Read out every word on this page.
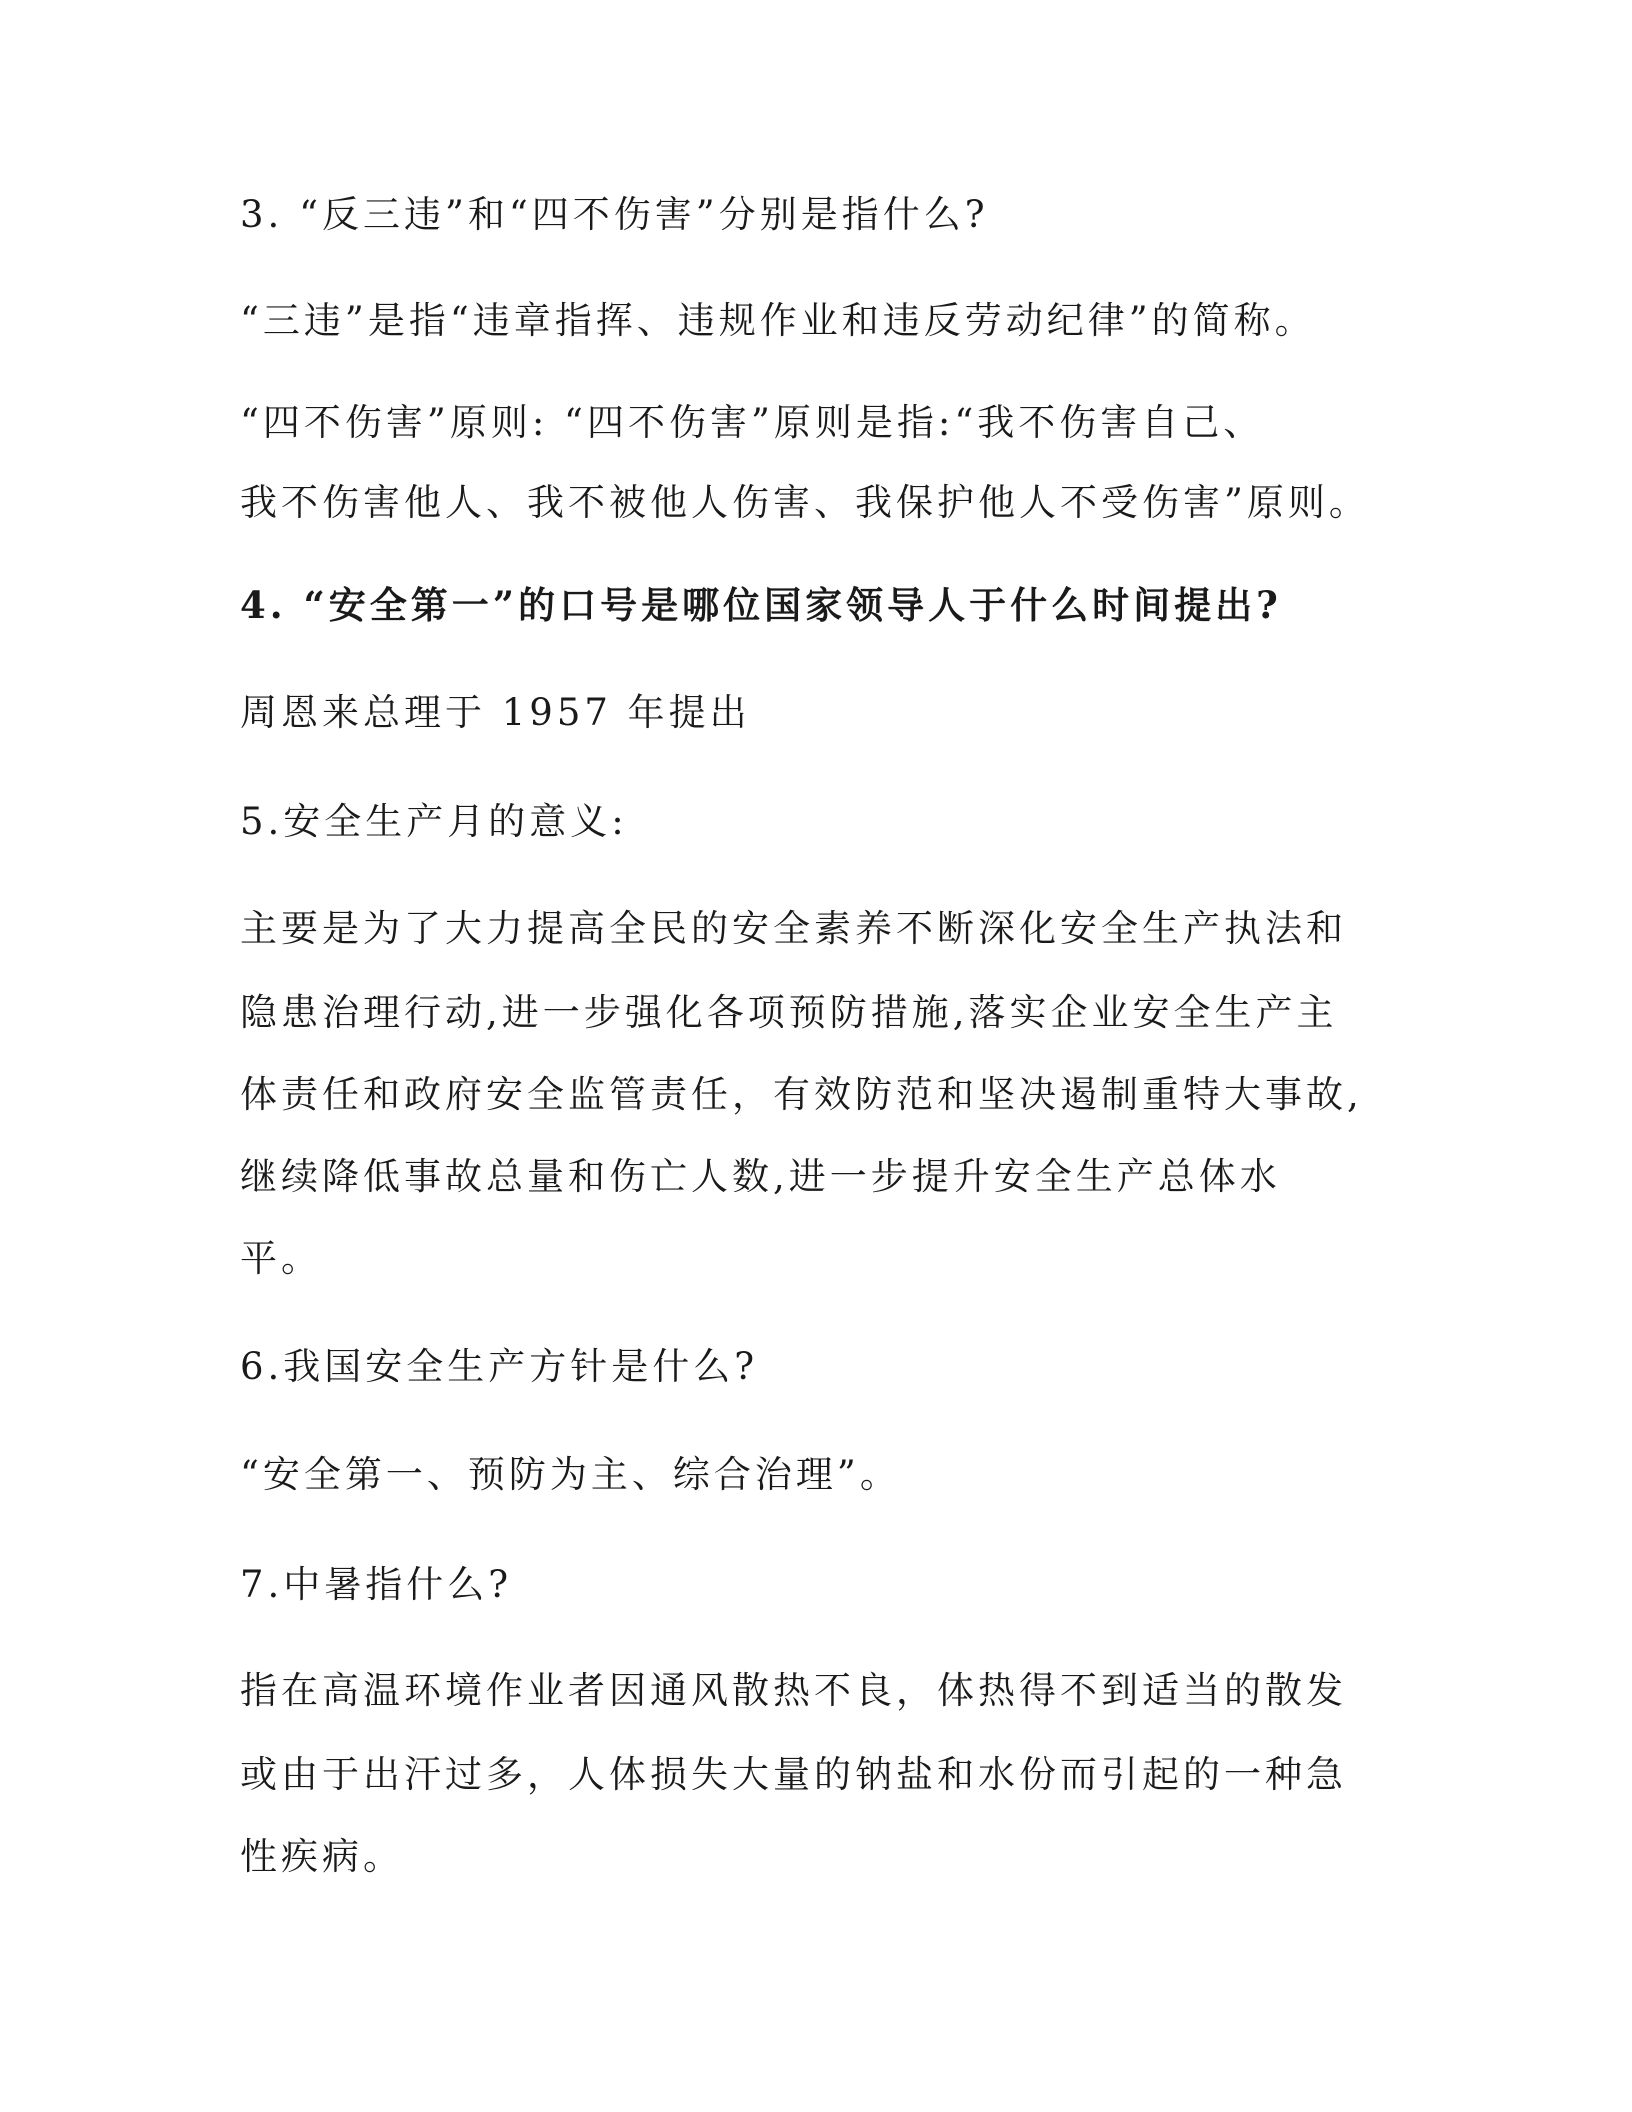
3. “反三违”和“四不伤害”分别是指什么?
“三违”是指“违章指挥、违规作业和违反劳动纪律”的简称。
“四不伤害”原则: “四不伤害”原则是指:“我不伤害自己、
我不伤害他人、我不被他人伤害、我保护他人不受伤害”原则。
4. “安全第一”的口号是哪位国家领导人于什么时间提出?
周恩来总理于 1957 年提出
5.安全生产月的意义:
主要是为了大力提高全民的安全素养不断深化安全生产执法和
隐患治理行动,进一步强化各项预防措施,落实企业安全生产主
体责任和政府安全监管责任，有效防范和坚决遏制重特大事故,
继续降低事故总量和伤亡人数,进一步提升安全生产总体水
平。
6.我国安全生产方针是什么?
“安全第一、预防为主、综合治理”。
7.中暑指什么?
指在高温环境作业者因通风散热不良，体热得不到适当的散发
或由于出汗过多，人体损失大量的钠盐和水份而引起的一种急
性疾病。
